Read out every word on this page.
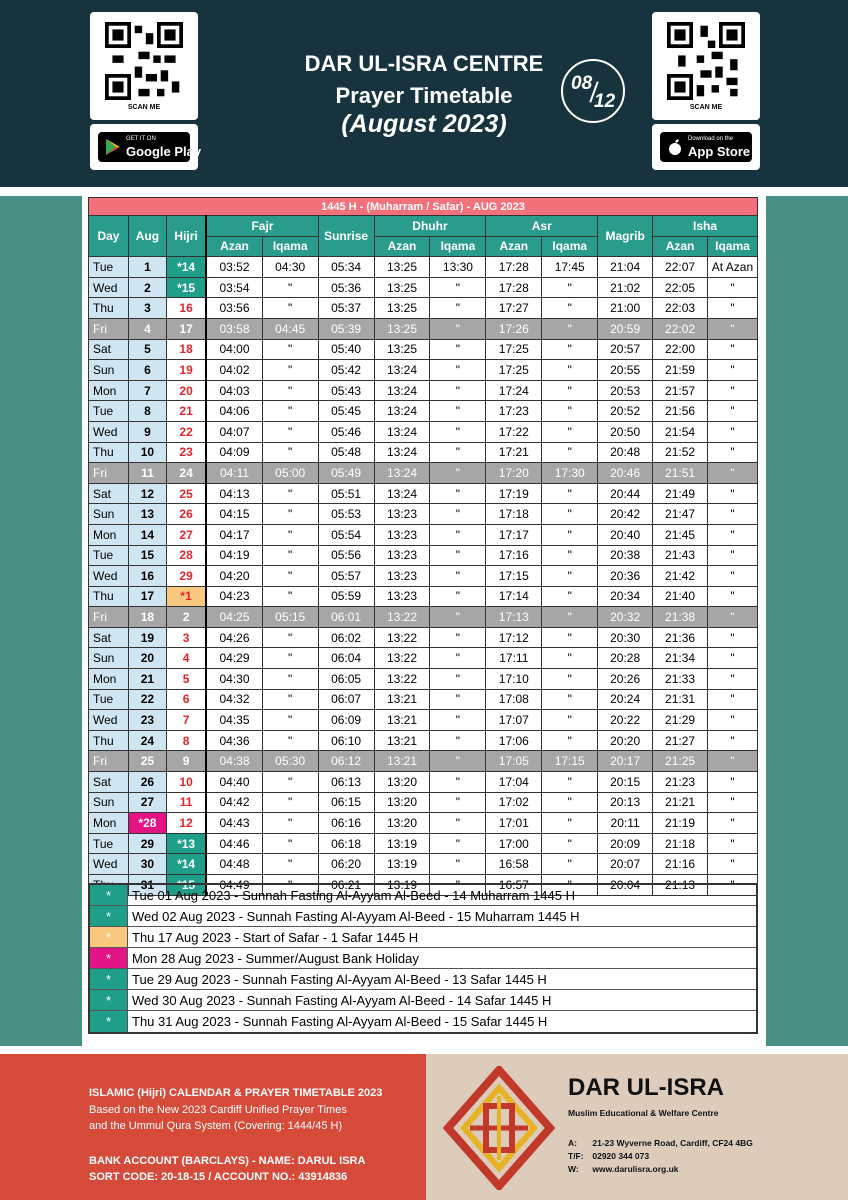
SCAN ME
GET IT ON
Google Play
DAR UL-ISRA CENTRE
Prayer Timetable
(August 2023)
08
12	SCAN ME
Download on the
App Store
1445 H - (Muharram / Safar) - AUG 2023												
Day	Aug	Hijri	Fajr		Sunrise	Dhuhr		Asr		Magrib	Isha	
			Azan	Iqama		Azan	Iqama	Azan	Iqama		Azan	Iqama
Tue	1	*14	03:52	04:30	05:34	13:25	13:30	17:28	17:45	21:04	22:07	At Azan
Wed	2	*15	03:54	"	05:36	13:25	"	17:28	"	21:02	22:05	"
Thu	3	16	03:56	"	05:37	13:25	"	17:27	"	21:00	22:03	"
Fri	4	17	03:58	04:45	05:39	13:25	"	17:26	"	20:59	22:02	"
Sat	5	18	04:00	"	05:40	13:25	"	17:25	"	20:57	22:00	"
Sun	6	19	04:02	"	05:42	13:24	"	17:25	"	20:55	21:59	"
Mon	7	20	04:03	"	05:43	13:24	"	17:24	"	20:53	21:57	"
Tue	8	21	04:06	"	05:45	13:24	"	17:23	"	20:52	21:56	"
Wed	9	22	04:07	"	05:46	13:24	"	17:22	"	20:50	21:54	"
Thu	10	23	04:09	"	05:48	13:24	"	17:21	"	20:48	21:52	"
Fri	11	24	04:11	05:00	05:49	13:24	"	17:20	17:30	20:46	21:51	"
Sat	12	25	04:13	"	05:51	13:24	"	17:19	"	20:44	21:49	"
Sun	13	26	04:15	"	05:53	13:23	"	17:18	"	20:42	21:47	"
Mon	14	27	04:17	"	05:54	13:23	"	17:17	"	20:40	21:45	"
Tue	15	28	04:19	"	05:56	13:23	"	17:16	"	20:38	21:43	"
Wed	16	29	04:20	"	05:57	13:23	"	17:15	"	20:36	21:42	"
Thu	17	*1	04:23	"	05:59	13:23	"	17:14	"	20:34	21:40	"
Fri	18	2	04:25	05:15	06:01	13:22	"	17:13	"	20:32	21:38	"
Sat	19	3	04:26	"	06:02	13:22	"	17:12	"	20:30	21:36	"
Sun	20	4	04:29	"	06:04	13:22	"	17:11	"	20:28	21:34	"
Mon	21	5	04:30	"	06:05	13:22	"	17:10	"	20:26	21:33	"
Tue	22	6	04:32	"	06:07	13:21	"	17:08	"	20:24	21:31	"
Wed	23	7	04:35	"	06:09	13:21	"	17:07	"	20:22	21:29	"
Thu	24	8	04:36	"	06:10	13:21	"	17:06	"	20:20	21:27	"
Fri	25	9	04:38	05:30	06:12	13:21	"	17:05	17:15	20:17	21:25	"
Sat	26	10	04:40	"	06:13	13:20	"	17:04	"	20:15	21:23	"
Sun	27	11	04:42	"	06:15	13:20	"	17:02	"	20:13	21:21	"
Mon	*28	12	04:43	"	06:16	13:20	"	17:01	"	20:11	21:19	"
Tue	29	*13	04:46	"	06:18	13:19	"	17:00	"	20:09	21:18	"
Wed	30	*14	04:48	"	06:20	13:19	"	16:58	"	20:07	21:16	"
	31	*15	04:49	"	06:21	13:19	"	16:57	"	20:04	21:13	"
*	Tue 01 Aug 2023 - Sunnah Fasting Al-Ayyam Al-Beed - 14 Muharram 1445 H
*	Wed 02 Aug 2023 - Sunnah Fasting Al-Ayyam Al-Beed - 15 Muharram 1445 H
*	Thu 17 Aug 2023 - Start of Safar - 1 Safar 1445 H
*	Mon 28 Aug 2023 - Summer/August Bank Holiday
*	Tue 29 Aug 2023 - Sunnah Fasting Al-Ayyam Al-Beed - 13 Safar 1445 H
*	Wed 30 Aug 2023 - Sunnah Fasting Al-Ayyam Al-Beed - 14 Safar 1445 H
*	Thu 31 Aug 2023 - Sunnah Fasting Al-Ayyam Al-Beed - 15 Safar 1445 H
ISLAMIC (Hijri) CALENDAR & PRAYER TIMETABLE 2023
Based on the New 2023 Cardiff Unified Prayer Times
and the Ummul Qura System (Covering: 1444/45 H)
BANK ACCOUNT (BARCLAYS) - NAME: DARUL ISRA
SORT CODE: 20-18-15 / ACCOUNT NO.: 43914836
DAR UL-ISRA
Muslim Educational & Welfare Centre
A: 21-23 Wyverne Road, Cardiff, CF24 4BG
T/F: 02920 344 073
W: www.darulisra.org.uk
